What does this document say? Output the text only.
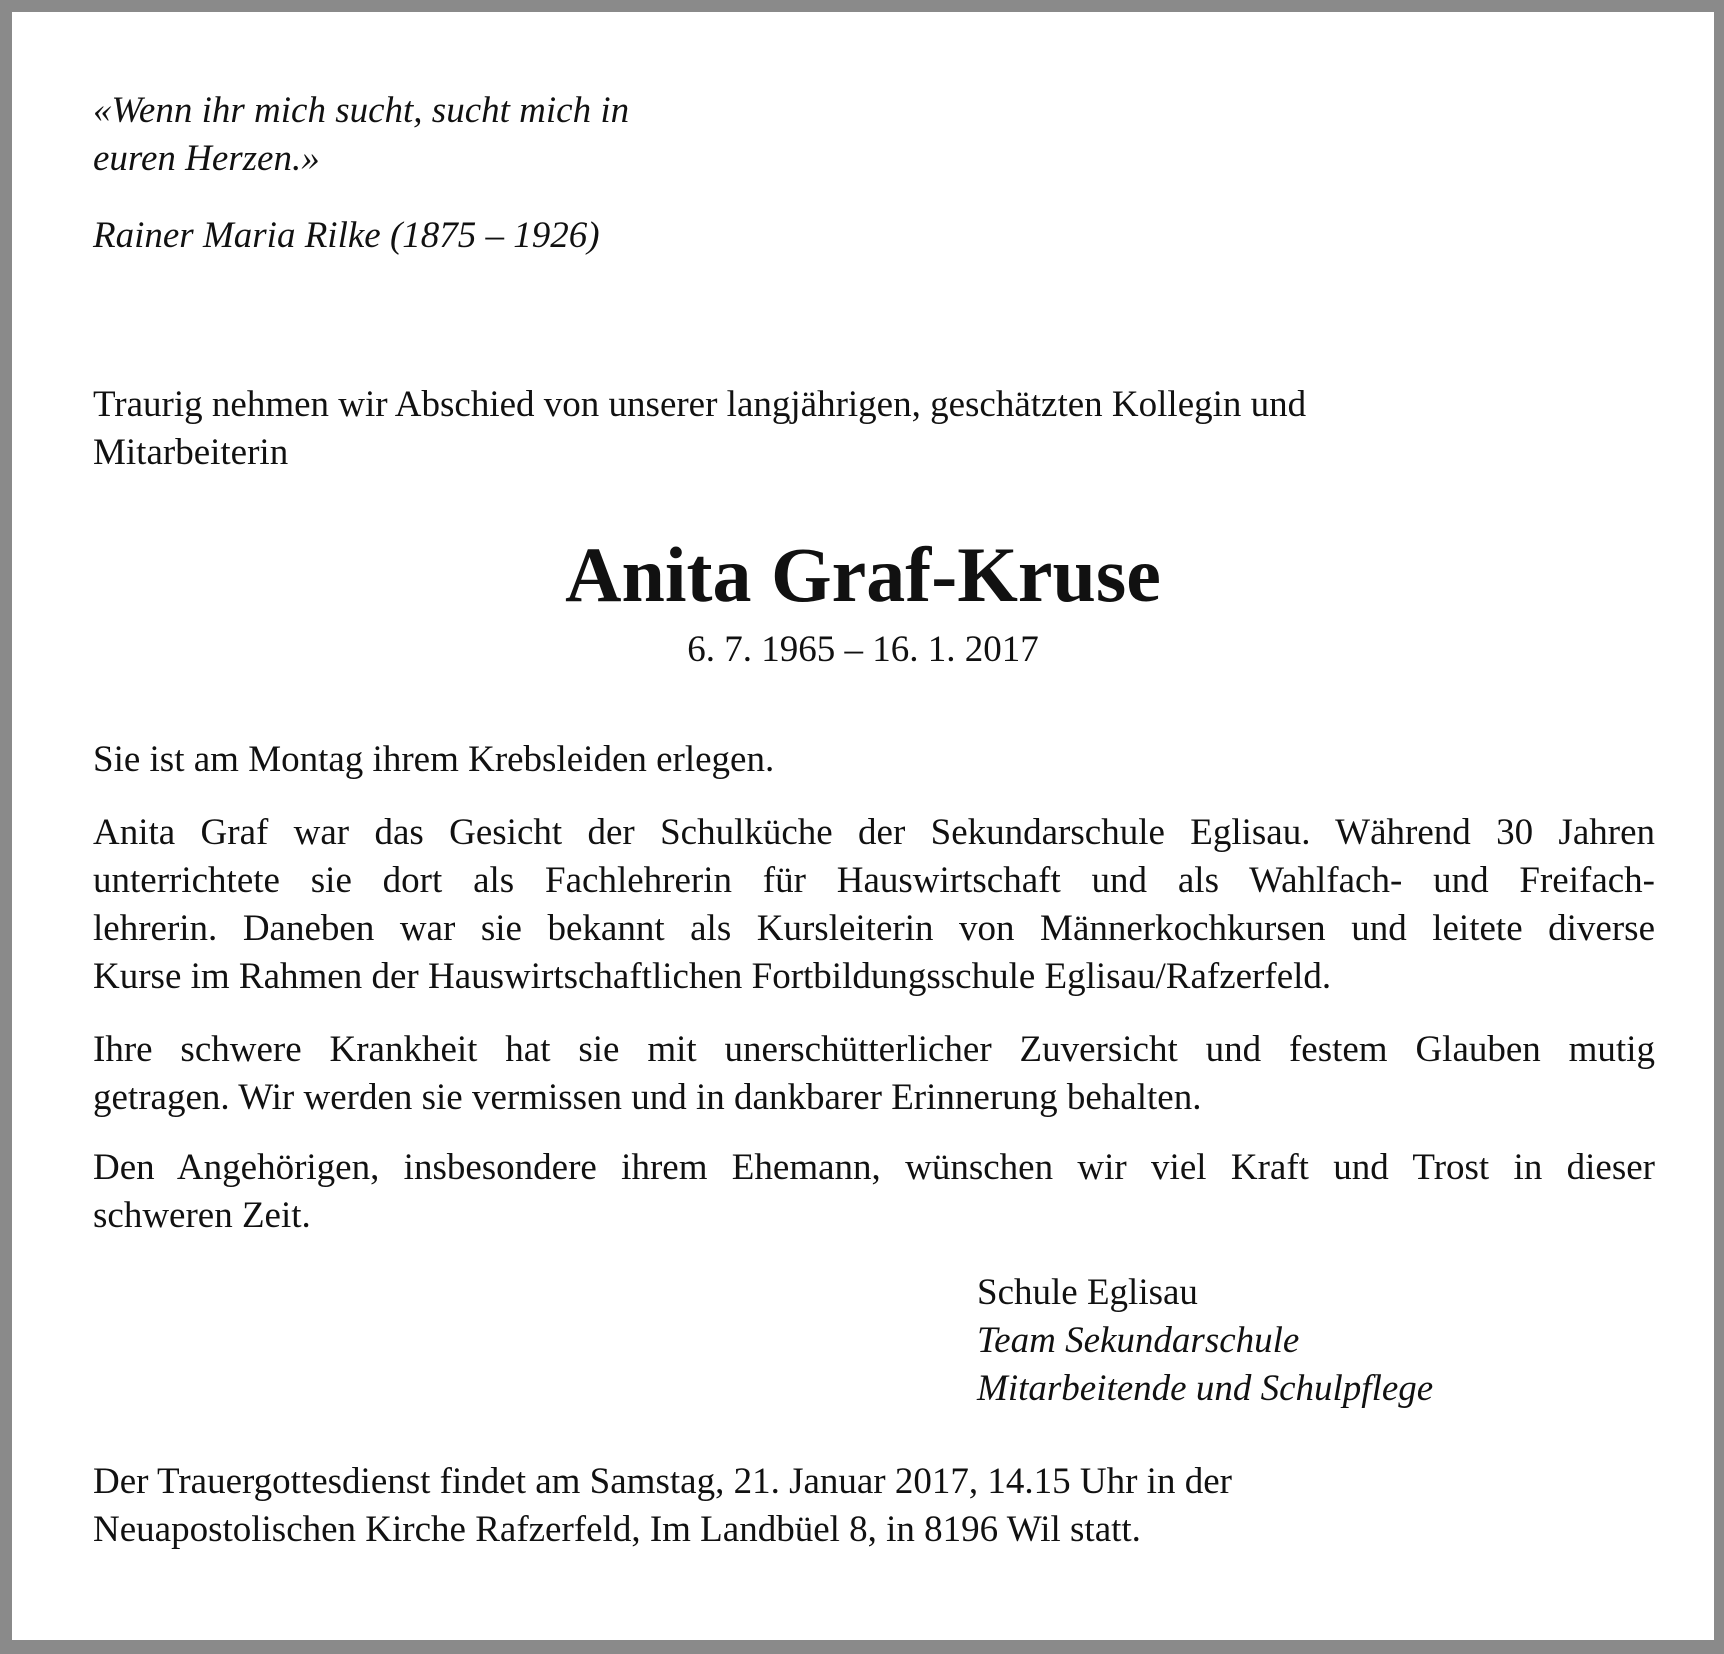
«Wenn ihr mich sucht, sucht mich in
euren Herzen.»
Rainer Maria Rilke (1875 – 1926)
Traurig nehmen wir Abschied von unserer langjährigen, geschätzten Kollegin und
Mitarbeiterin
Anita Graf-Kruse
6. 7. 1965 – 16. 1. 2017
Sie ist am Montag ihrem Krebsleiden erlegen.
Anita Graf war das Gesicht der Schulküche der Sekundarschule Eglisau. Während 30 Jahren
unterrichtete sie dort als Fachlehrerin für Hauswirtschaft und als Wahlfach- und Freifach-
lehrerin. Daneben war sie bekannt als Kursleiterin von Männerkochkursen und leitete diverse
Kurse im Rahmen der Hauswirtschaftlichen Fortbildungsschule Eglisau/Rafzerfeld.
Ihre schwere Krankheit hat sie mit unerschütterlicher Zuversicht und festem Glauben mutig
getragen. Wir werden sie vermissen und in dankbarer Erinnerung behalten.
Den Angehörigen, insbesondere ihrem Ehemann, wünschen wir viel Kraft und Trost in dieser
schweren Zeit.
Schule Eglisau
Team Sekundarschule
Mitarbeitende und Schulpflege
Der Trauergottesdienst findet am Samstag, 21. Januar 2017, 14.15 Uhr in der
Neuapostolischen Kirche Rafzerfeld, Im Landbüel 8, in 8196 Wil statt.
